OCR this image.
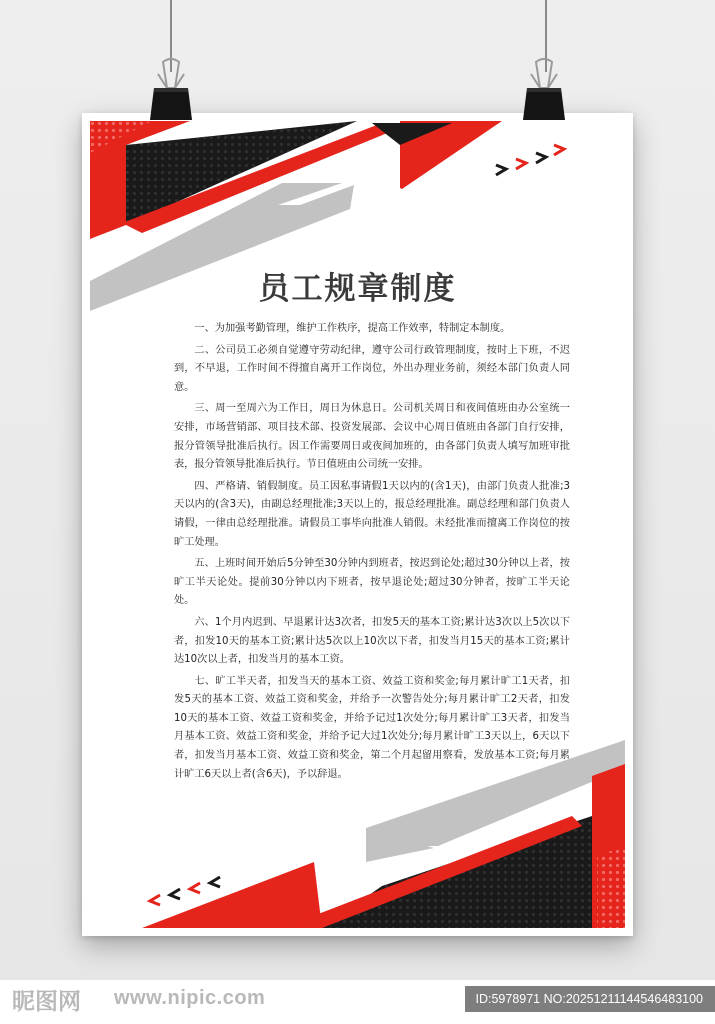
员工规章制度

一、为加强考勤管理，维护工作秩序，提高工作效率，特制定本制度。

二、公司员工必须自觉遵守劳动纪律，遵守公司行政管理制度，按时上下班，不迟到，不早退，工作时间不得擅自离开工作岗位，外出办理业务前，须经本部门负责人同意。

三、周一至周六为工作日，周日为休息日。公司机关周日和夜间值班由办公室统一安排，市场营销部、项目技术部、投资发展部、会议中心周日值班由各部门自行安排，报分管领导批准后执行。因工作需要周日或夜间加班的，由各部门负责人填写加班审批表，报分管领导批准后执行。节日值班由公司统一安排。

四、严格请、销假制度。员工因私事请假1天以内的(含1天)，由部门负责人批准;3天以内的(含3天)，由副总经理批准;3天以上的，报总经理批准。副总经理和部门负责人请假，一律由总经理批准。请假员工事毕向批准人销假。未经批准而擅离工作岗位的按旷工处理。

五、上班时间开始后5分钟至30分钟内到班者，按迟到论处;超过30分钟以上者，按旷工半天论处。提前30分钟以内下班者，按早退论处;超过30分钟者，按旷工半天论处。

六、1个月内迟到、早退累计达3次者，扣发5天的基本工资;累计达3次以上5次以下者，扣发10天的基本工资;累计达5次以上10次以下者，扣发当月15天的基本工资;累计达10次以上者，扣发当月的基本工资。

七、旷工半天者，扣发当天的基本工资、效益工资和奖金;每月累计旷工1天者，扣发5天的基本工资、效益工资和奖金，并给予一次警告处分;每月累计旷工2天者，扣发10天的基本工资、效益工资和奖金，并给予记过1次处分;每月累计旷工3天者，扣发当月基本工资、效益工资和奖金，并给予记大过1次处分;每月累计旷工3天以上，6天以下者，扣发当月基本工资、效益工资和奖金，第二个月起留用察看，发放基本工资;每月累计旷工6天以上者(含6天)，予以辞退。

昵图网 www.nipic.com	ID:5978971 NO:20251211144546483100
